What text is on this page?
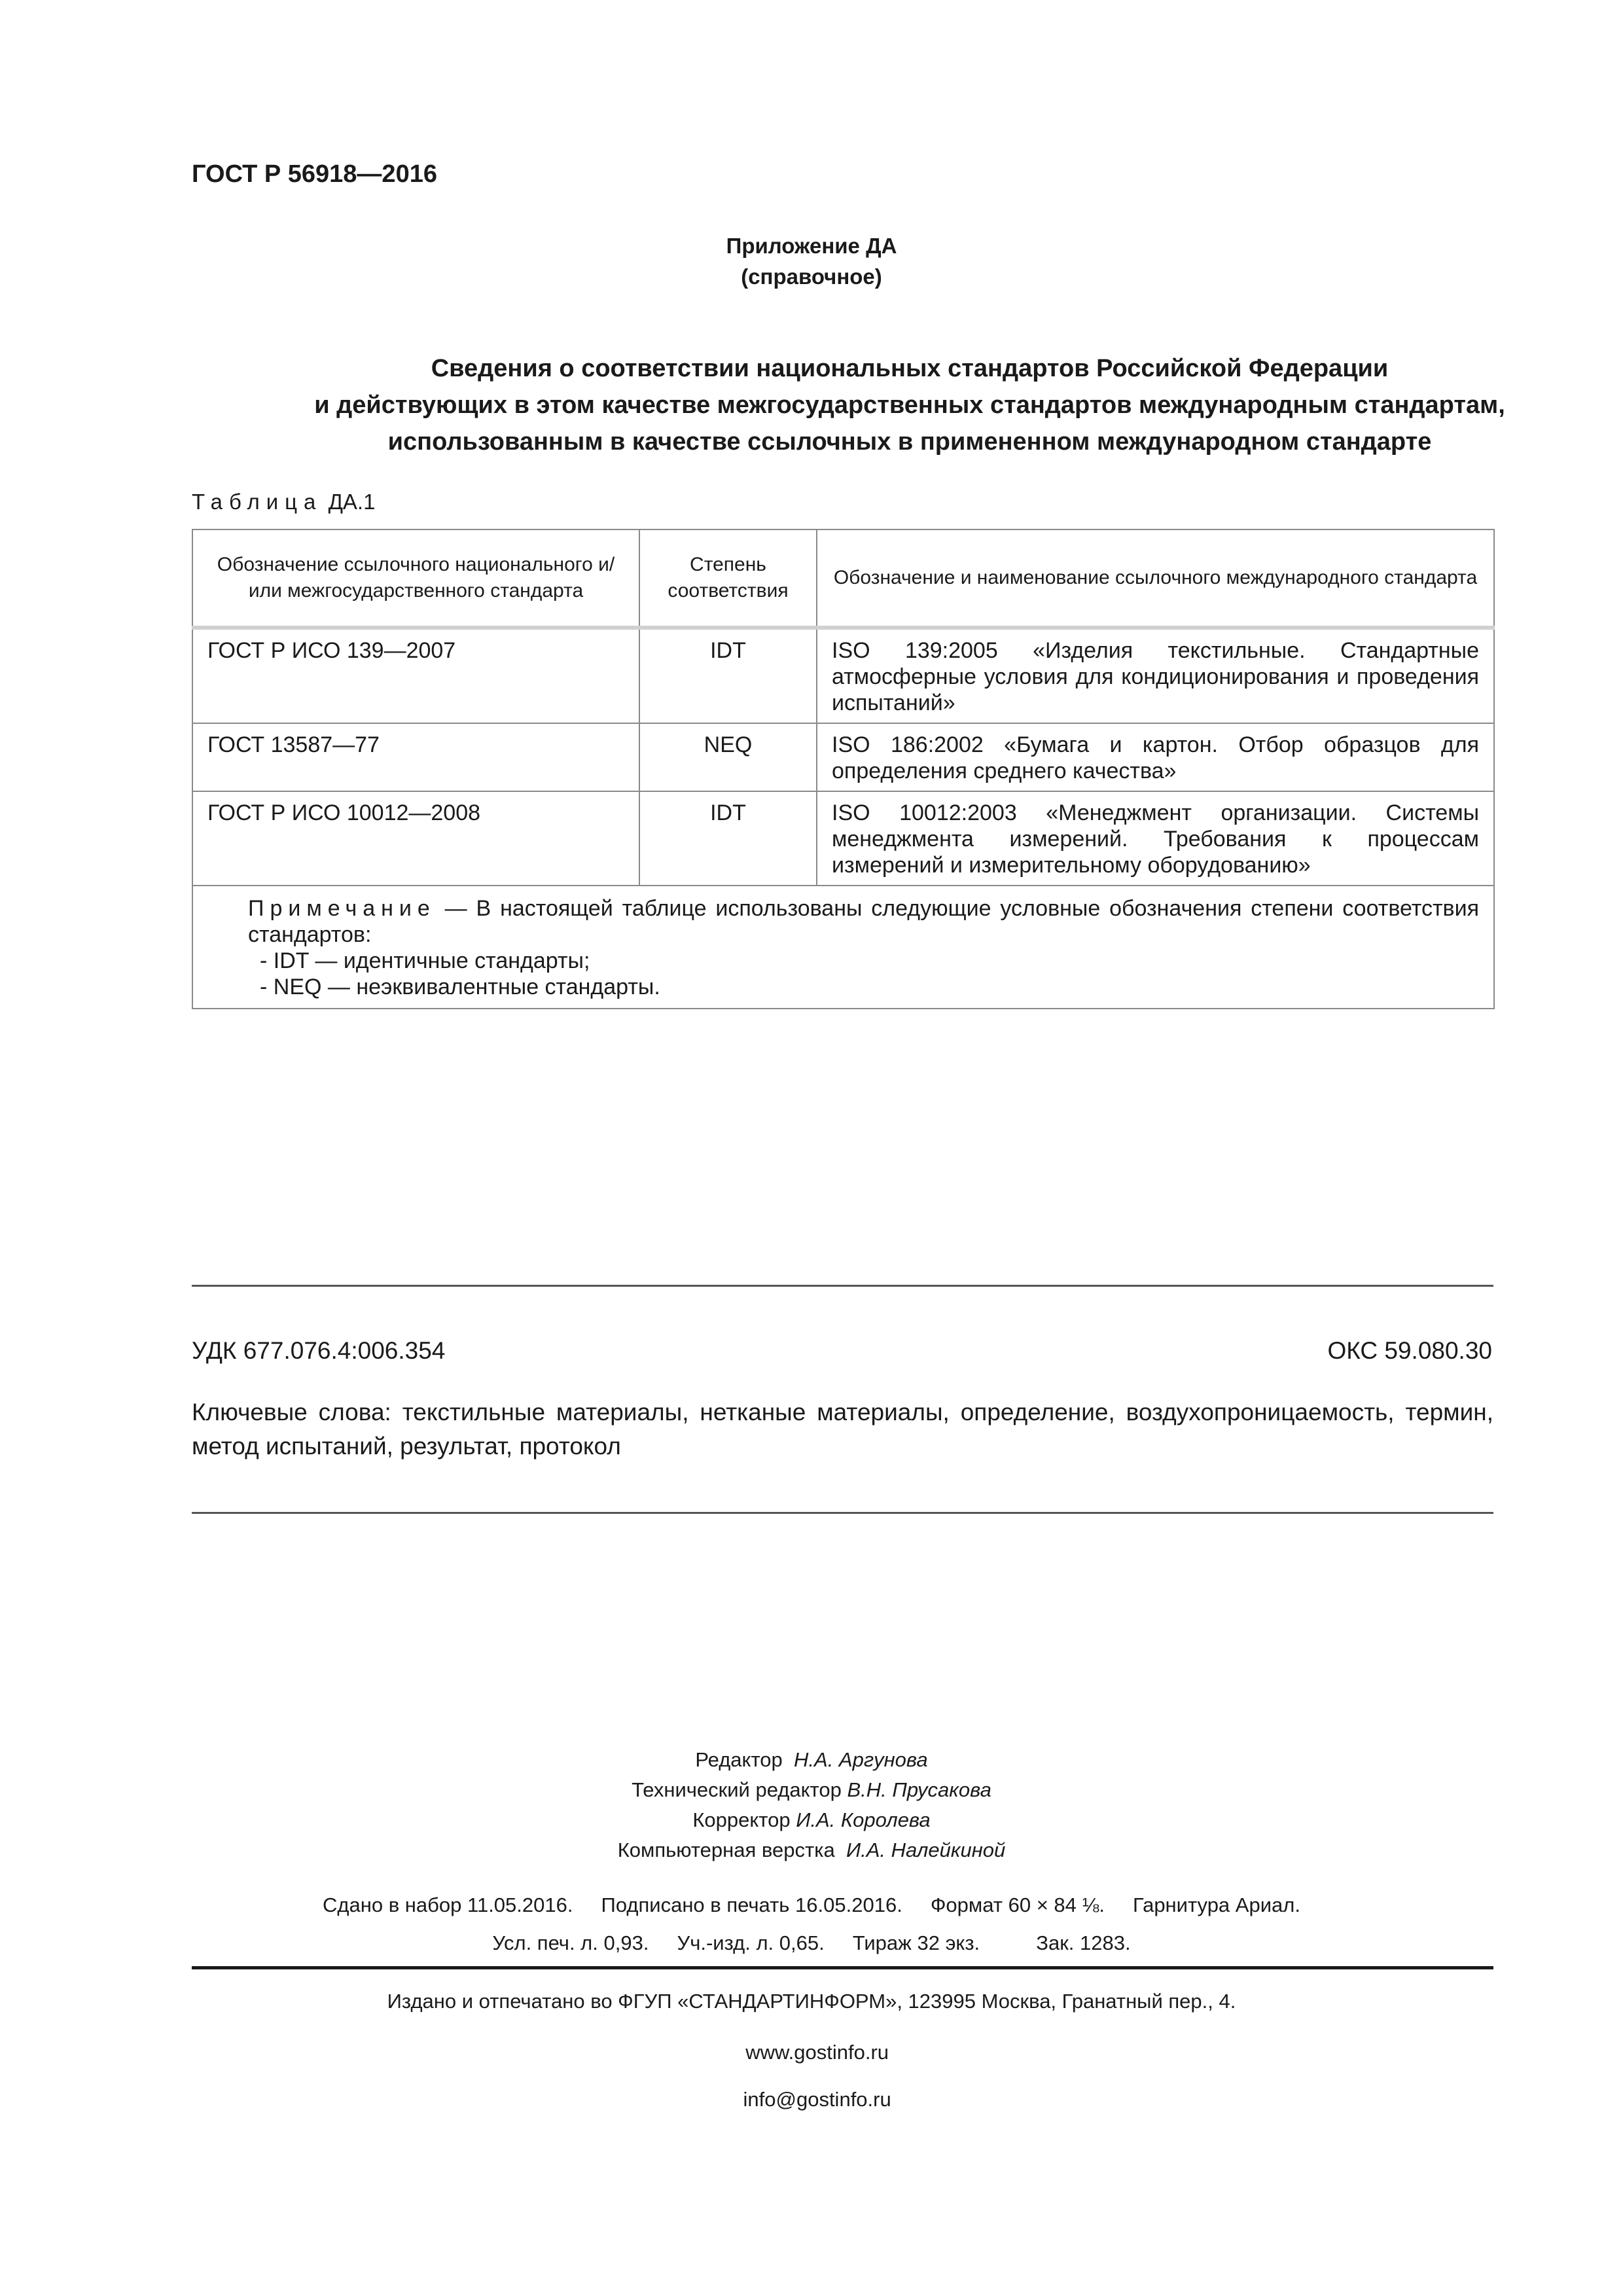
ГОСТ Р 56918—2016
Приложение ДА
(справочное)
Сведения о соответствии национальных стандартов Российской Федерации
и действующих в этом качестве межгосударственных стандартов международным стандартам,
использованным в качестве ссылочных в примененном международном стандарте
Таблица ДА.1
Обозначение ссылочного национального и/или межгосударственного стандарта	Степень соответствия	Обозначение и наименование ссылочного международного стандарта
ГОСТ Р ИСО 139—2007	IDT	ISO 139:2005 «Изделия текстильные. Стандартные атмосферные условия для кондиционирования и проведения испытаний»
ГОСТ 13587—77	NEQ	ISO 186:2002 «Бумага и картон. Отбор образцов для определения среднего качества»
ГОСТ Р ИСО 10012—2008	IDT	ISO 10012:2003 «Менеджмент организации. Системы менеджмента измерений. Требования к процессам измерений и измерительному оборудованию»

Примечание — В настоящей таблице использованы следующие условные обозначения степени соответствия стандартов:
- IDT — идентичные стандарты;
- NEQ — неэквивалентные стандарты.		
УДК 677.076.4:006.354	ОКС 59.080.30
Ключевые слова: текстильные материалы, нетканые материалы, определение, воздухопроницаемость, термин, метод испытаний, результат, протокол
Редактор Н.А. Аргунова
Технический редактор В.Н. Прусакова
Корректор И.А. Королева
Компьютерная верстка И.А. Налейкиной
Сдано в набор 11.05.2016.     Подписано в печать 16.05.2016.     Формат 60 × 84 ⅛.     Гарнитура Ариал.
Усл. печ. л. 0,93.     Уч.-изд. л. 0,65.     Тираж 32 экз.          Зак. 1283.
Издано и отпечатано во ФГУП «СТАНДАРТИНФОРМ», 123995 Москва, Гранатный пер., 4.

www.gostinfo.ru

info@gostinfo.ru
